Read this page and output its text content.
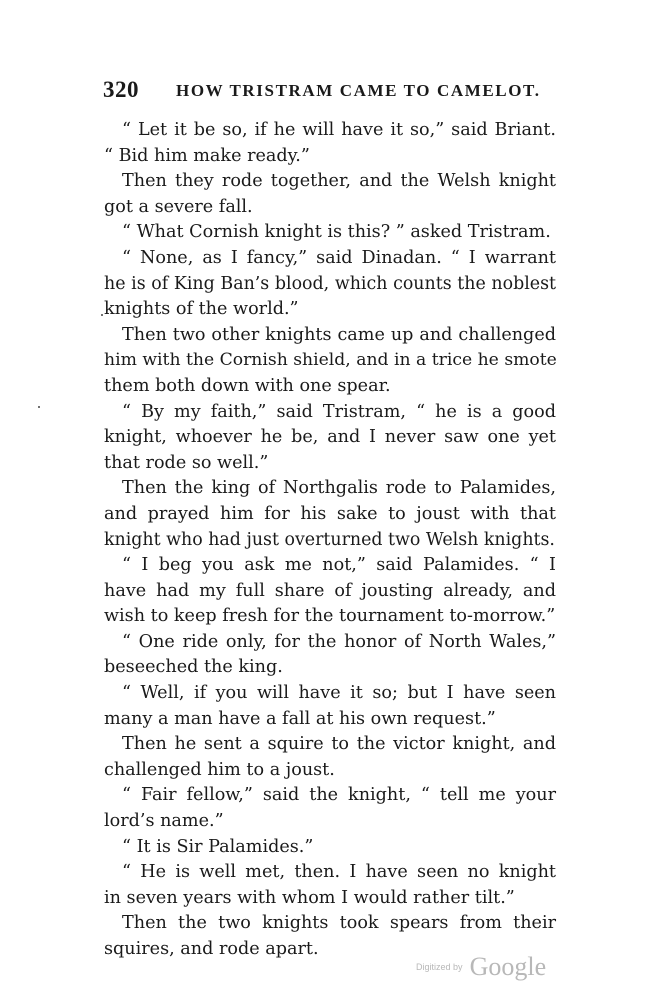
320 HOW TRISTRAM CAME TO CAMELOT.
“ Let it be so, if he will have it so,” said Briant.
“ Bid him make ready.”
Then they rode together, and the Welsh knight
got a severe fall.
“ What Cornish knight is this? ” asked Tristram.
“ None, as I fancy,” said Dinadan. “ I warrant
he is of King Ban’s blood, which counts the noblest
knights of the world.”
Then two other knights came up and challenged
him with the Cornish shield, and in a trice he smote
them both down with one spear.
“ By my faith,” said Tristram, “ he is a good
knight, whoever he be, and I never saw one yet
that rode so well.”
Then the king of Northgalis rode to Palamides,
and prayed him for his sake to joust with that
knight who had just overturned two Welsh knights.
“ I beg you ask me not,” said Palamides. “ I
have had my full share of jousting already, and
wish to keep fresh for the tournament to-morrow.”
“ One ride only, for the honor of North Wales,”
beseeched the king.
“ Well, if you will have it so; but I have seen
many a man have a fall at his own request.”
Then he sent a squire to the victor knight, and
challenged him to a joust.
“ Fair fellow,” said the knight, “ tell me your
lord’s name.”
“ It is Sir Palamides.”
“ He is well met, then. I have seen no knight
in seven years with whom I would rather tilt.”
Then the two knights took spears from their
squires, and rode apart.
Digitized by Google
